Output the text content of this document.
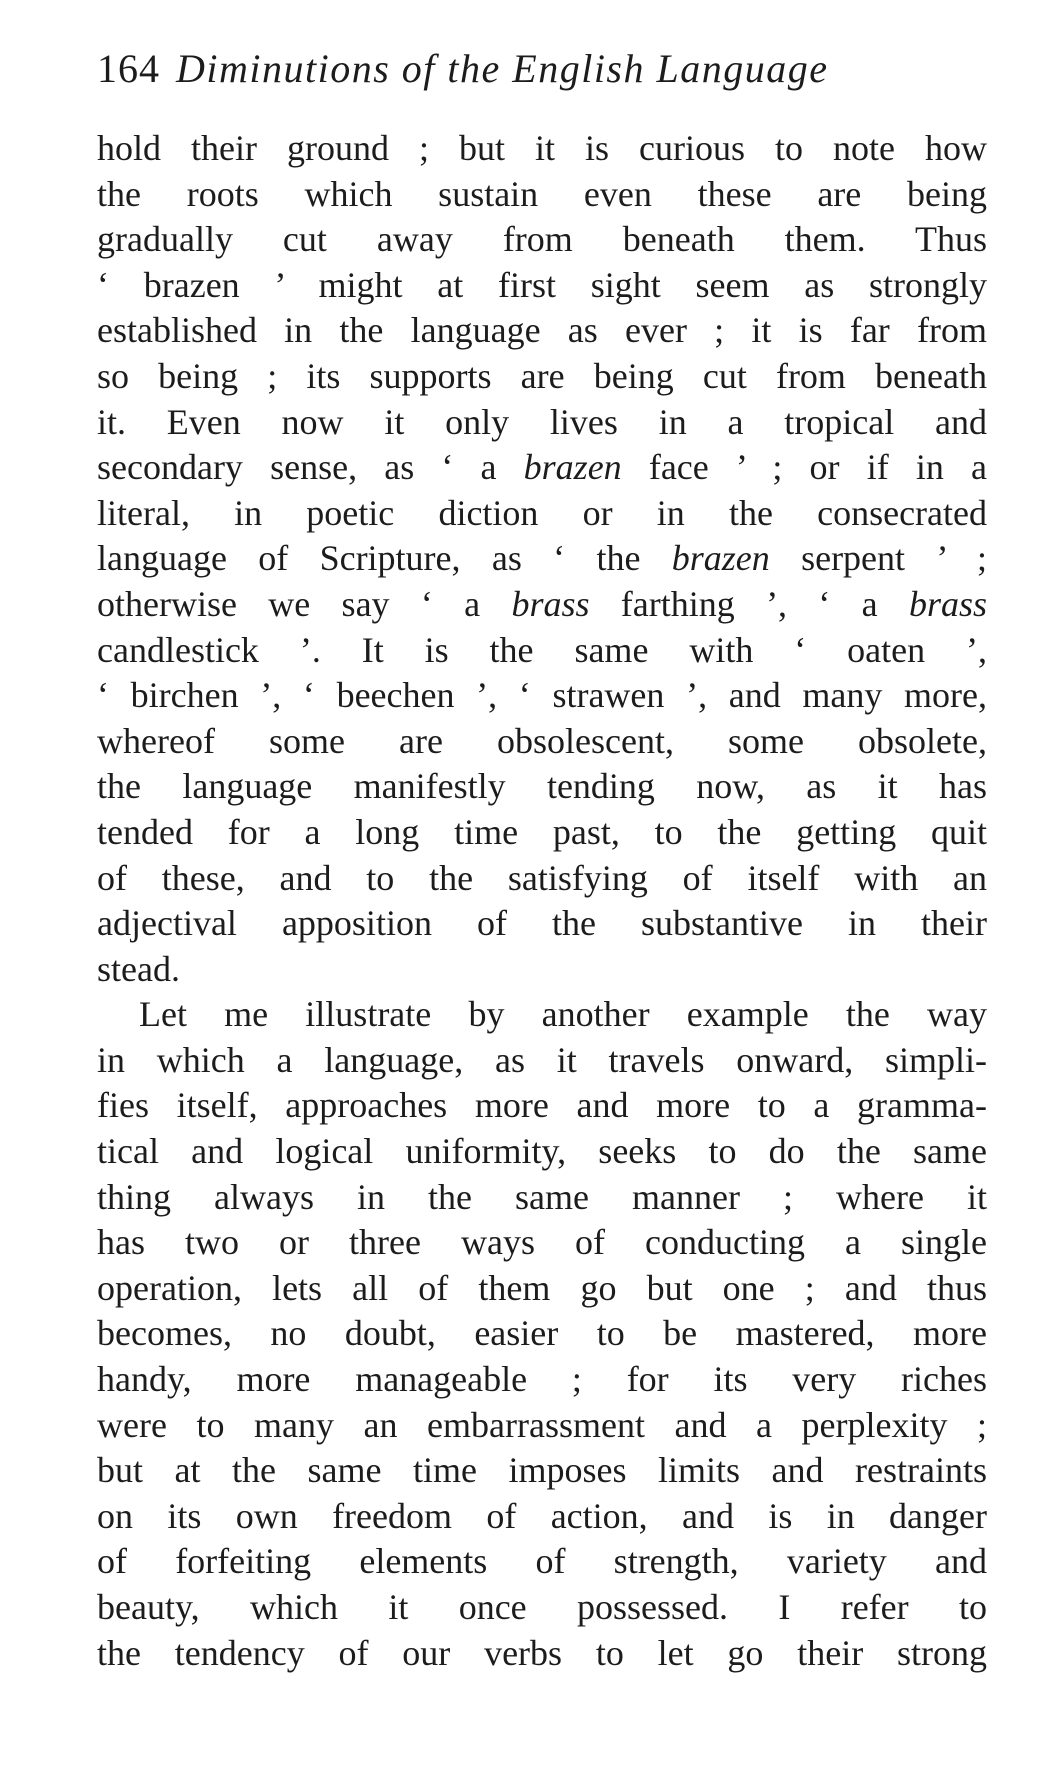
164 Diminutions of the English Language
hold their ground ; but it is curious to note how
the roots which sustain even these are being
gradually cut away from beneath them. Thus
‘ brazen ’ might at first sight seem as strongly
established in the language as ever ; it is far from
so being ; its supports are being cut from beneath
it. Even now it only lives in a tropical and
secondary sense, as ‘ a brazen face ’ ; or if in a
literal, in poetic diction or in the consecrated
language of Scripture, as ‘ the brazen serpent ’ ;
otherwise we say ‘ a brass farthing ’, ‘ a brass
candlestick ’. It is the same with ‘ oaten ’,
‘ birchen ’, ‘ beechen ’, ‘ strawen ’, and many more,
whereof some are obsolescent, some obsolete,
the language manifestly tending now, as it has
tended for a long time past, to the getting quit
of these, and to the satisfying of itself with an
adjectival apposition of the substantive in their
stead.
Let me illustrate by another example the way
in which a language, as it travels onward, simpli-
fies itself, approaches more and more to a gramma-
tical and logical uniformity, seeks to do the same
thing always in the same manner ; where it
has two or three ways of conducting a single
operation, lets all of them go but one ; and thus
becomes, no doubt, easier to be mastered, more
handy, more manageable ; for its very riches
were to many an embarrassment and a perplexity ;
but at the same time imposes limits and restraints
on its own freedom of action, and is in danger
of forfeiting elements of strength, variety and
beauty, which it once possessed. I refer to
the tendency of our verbs to let go their strong
